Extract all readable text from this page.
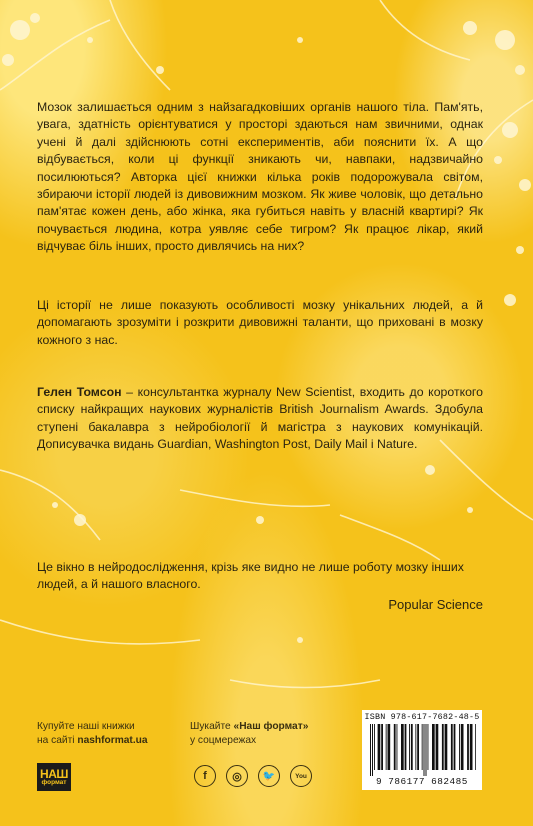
Мозок залишається одним з найзагадковіших органів нашого тіла. Пам'ять, увага, здатність орієнтуватися у просторі здаються нам звичними, однак учені й далі здійснюють сотні експериментів, аби пояснити їх. А що відбувається, коли ці функції зникають чи, навпаки, надзвичайно посилюються? Авторка цієї книжки кілька років подорожувала світом, збираючи історії людей із дивовижним мозком. Як живе чоловік, що детально пам'ятає кожен день, або жінка, яка губиться навіть у власній квартирі? Як почувається людина, котра уявляє себе тигром? Як працює лікар, який відчуває біль інших, просто дивлячись на них?

Ці історії не лише показують особливості мозку унікальних людей, а й допомагають зрозуміти і розкрити дивовижні таланти, що приховані в мозку кожного з нас.

Гелен Томсон – консультантка журналу New Scientist, входить до короткого списку найкращих наукових журналістів British Journalism Awards. Здобула ступені бакалавра з нейробіології й магістра з наукових комунікацій. Дописувачка видань Guardian, Washington Post, Daily Mail і Nature.

Це вікно в нейродослідження, крізь яке видно не лише роботу мозку інших людей, а й нашого власного.

Popular Science

Купуйте наші книжки
на сайті nashformat.ua
Шукайте «Наш формат»
у соцмережах
НАШ
формат
f ◎ 🐦	You
ISBN 978-617-7682-48-5
9 786177 682485
